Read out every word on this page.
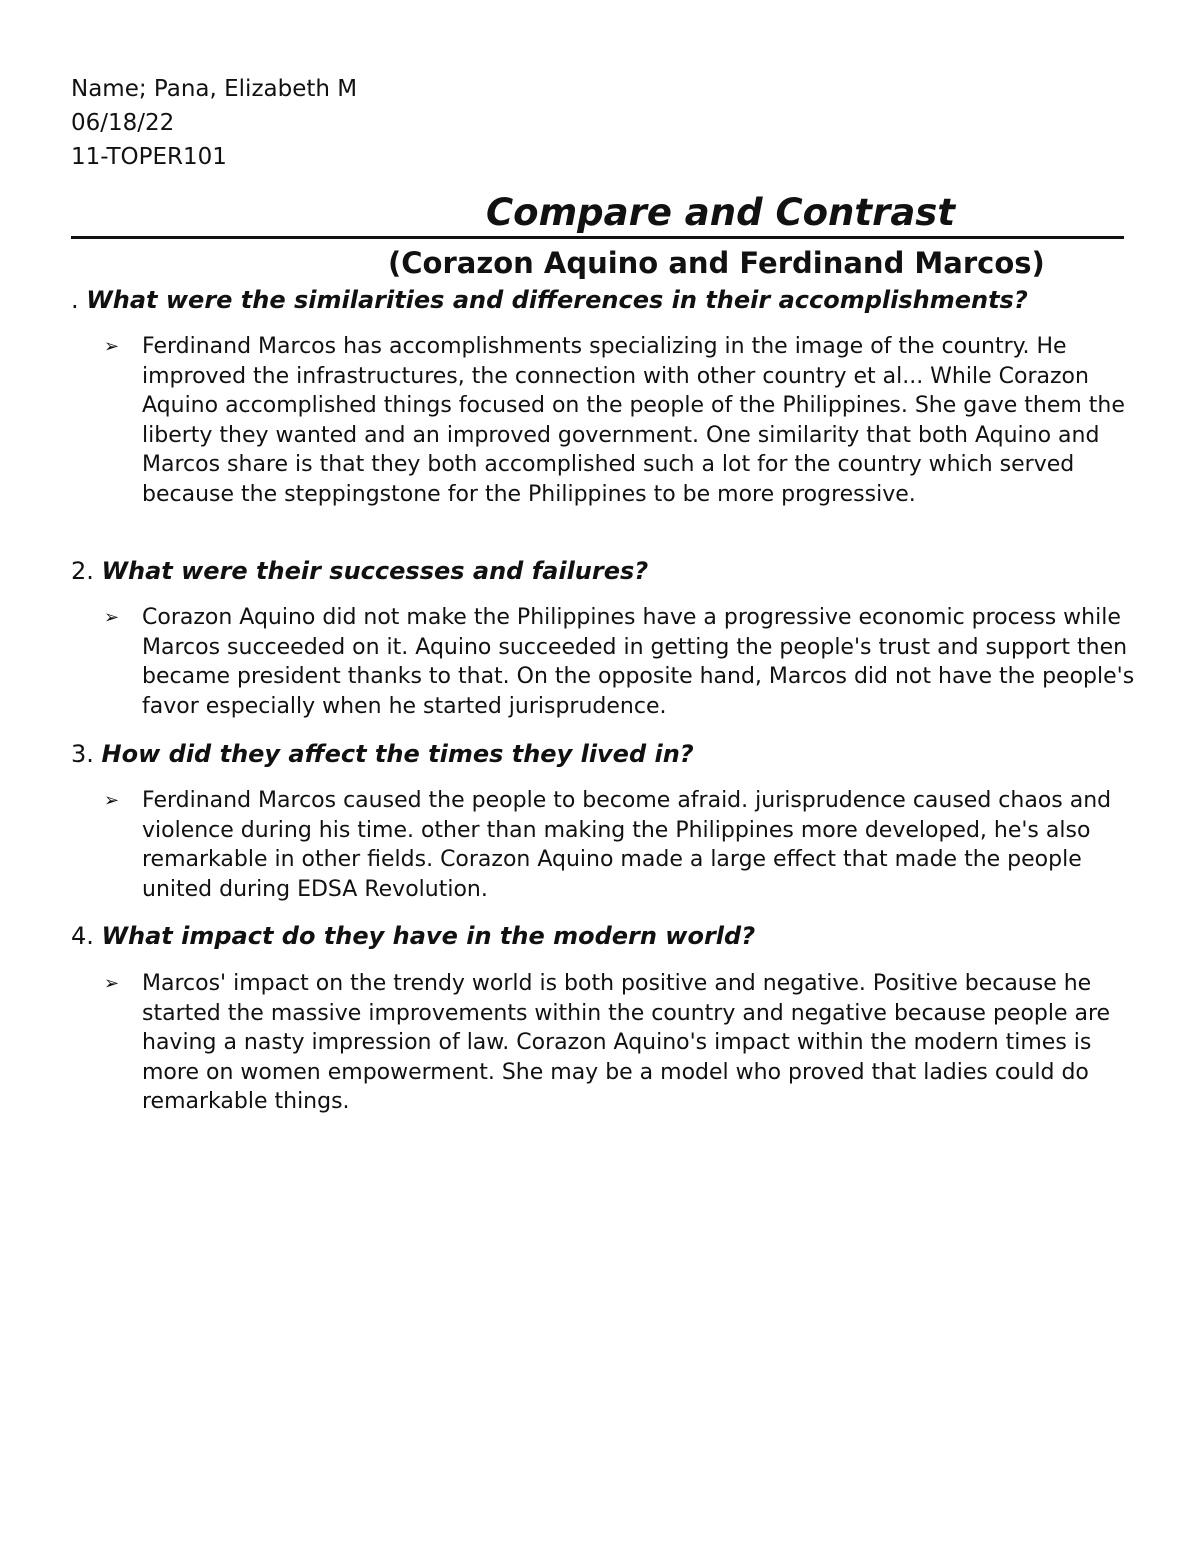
Name; Pana, Elizabeth M
06/18/22
11-TOPER101
Compare and Contrast
(Corazon Aquino and Ferdinand Marcos)
. What were the similarities and differences in their accomplishments?
➢	Ferdinand Marcos has accomplishments specializing in the image of the country. He improved the infrastructures, the connection with other country et al... While Corazon Aquino accomplished things focused on the people of the Philippines. She gave them the liberty they wanted and an improved government. One similarity that both Aquino and Marcos share is that they both accomplished such a lot for the country which served because the steppingstone for the Philippines to be more progressive.
2. What were their successes and failures?
➢	Corazon Aquino did not make the Philippines have a progressive economic process while Marcos succeeded on it. Aquino succeeded in getting the people's trust and support then became president thanks to that. On the opposite hand, Marcos did not have the people's favor especially when he started jurisprudence.
3. How did they affect the times they lived in?
➢	Ferdinand Marcos caused the people to become afraid. jurisprudence caused chaos and violence during his time. other than making the Philippines more developed, he's also remarkable in other fields. Corazon Aquino made a large effect that made the people united during EDSA Revolution.
4. What impact do they have in the modern world?
➢	Marcos' impact on the trendy world is both positive and negative. Positive because he started the massive improvements within the country and negative because people are having a nasty impression of law. Corazon Aquino's impact within the modern times is more on women empowerment. She may be a model who proved that ladies could do remarkable things.
